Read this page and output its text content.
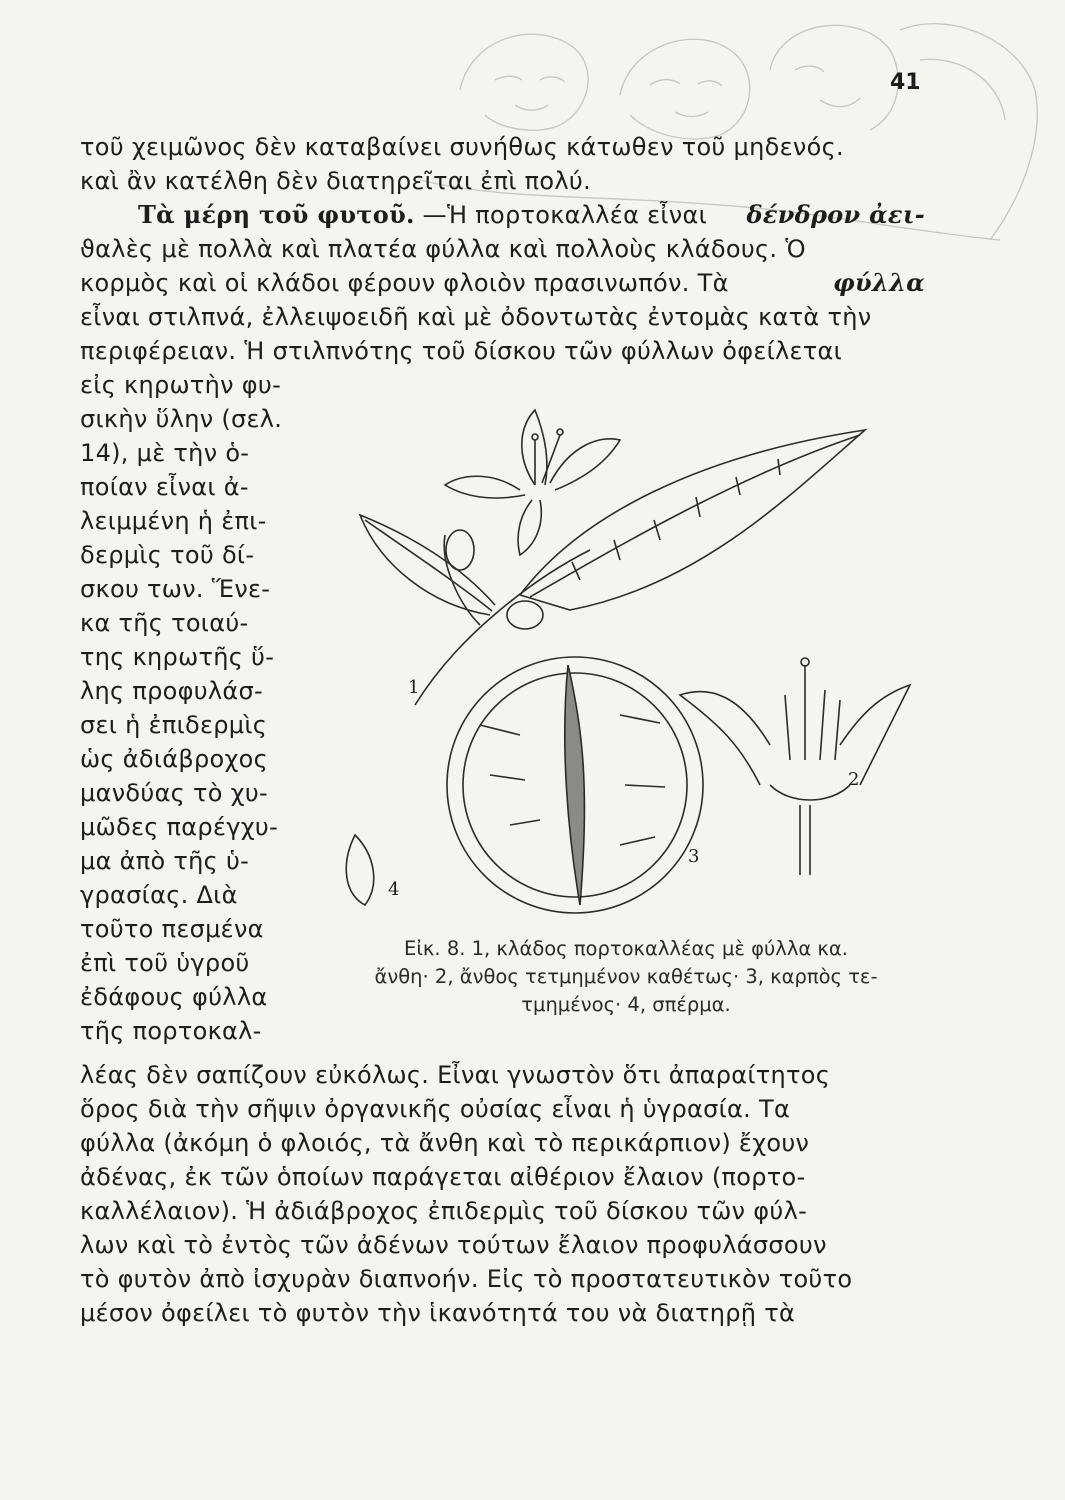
41
τοῦ χειμῶνος δὲν καταβαίνει συνήθως κάτωθεν τοῦ μηδενός.
καὶ ἂν κατέλθη δὲν διατηρεῖται ἐπὶ πολύ.
Τὰ μέρη τοῦ φυτοῦ. —Ἡ πορτοκαλλέα εἶναι δένδρον ἀει-
ϑαλὲς μὲ πολλὰ καὶ πλατέα φύλλα καὶ πολλοὺς κλάδους. Ὁ
κορμὸς καὶ οἱ κλάδοι φέρουν φλοιὸν πρασινωπόν. Τὰ	φύλλα
εἶναι στιλπνά, ἐλλειψοειδῆ καὶ μὲ ὀδοντωτὰς ἐντομὰς κατὰ τὴν
περιφέρειαν. Ἡ στιλπνότης τοῦ δίσκου τῶν φύλλων ὀφείλεται
εἰς κηρωτὴν φυ-
σικὴν ὕλην (σελ.
14), μὲ τὴν ὁ-
ποίαν εἶναι ἀ-
λειμμένη ἡ ἐπι-
δερμὶς τοῦ δί-
σκου των. Ἕνε-
κα τῆς τοιαύ-
της κηρωτῆς ὕ-
λης προφυλάσ-
σει ἡ ἐπιδερμὶς
ὡς ἀδιάβροχος
μανδύας τὸ χυ-
μῶδες παρέγχυ-
μα ἀπὸ τῆς ὑ-
γρασίας. Διὰ
τοῦτο πεσμένα
ἐπὶ τοῦ ὑγροῦ
ἐδάφους φύλλα
τῆς πορτοκαλ-
1
2
3
4
Εἰκ. 8. 1, κλάδος πορτοκαλλέας μὲ φύλλα κα.
ἄνθη· 2, ἄνθος τετμημένον καθέτως· 3, καρπὸς τε-
τμημένος· 4, σπέρμα.
λέας δὲν σαπίζουν εὐκόλως. Εἶναι γνωστὸν ὅτι ἀπαραίτητος
ὅρος διὰ τὴν σῆψιν ὀργανικῆς οὐσίας εἶναι ἡ ὑγρασία. Τα
φύλλα (ἀκόμη ὁ φλοιός, τὰ ἄνθη καὶ τὸ περικάρπιον) ἔχουν
ἀδένας, ἐκ τῶν ὁποίων παράγεται αἰθέριον ἔλαιον (πορτο-
καλλέλαιον). Ἡ ἀδιάβροχος ἐπιδερμὶς τοῦ δίσκου τῶν φύλ-
λων καὶ τὸ ἐντὸς τῶν ἀδένων τούτων ἔλαιον προφυλάσσουν
τὸ φυτὸν ἀπὸ ἰσχυρὰν διαπνοήν. Εἰς τὸ προστατευτικὸν τοῦτο
μέσον ὀφείλει τὸ φυτὸν τὴν ἱκανότητά του νὰ διατηρῇ τὰ
